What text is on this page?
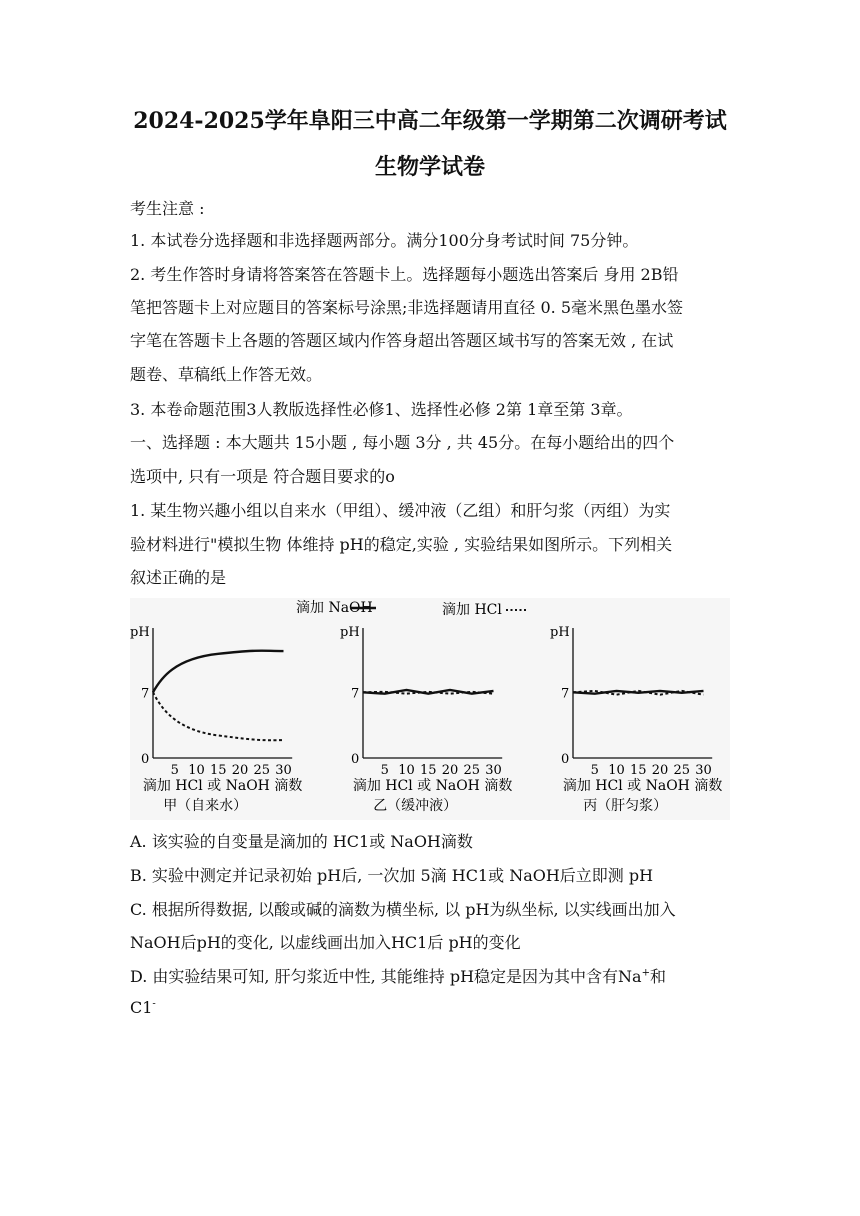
2024-2025学年阜阳三中高二年级第一学期第二次调研考试
生物学试卷
考生注意 :
1. 本试卷分选择题和非选择题两部分。满分100分身考试时间 75分钟。
2. 考生作答时身请将答案答在答题卡上。选择题每小题选出答案后 身用 2B铅
笔把答题卡上对应题目的答案标号涂黑;非选择题请用直径 0. 5毫米黑色墨水签
字笔在答题卡上各题的答题区域内作答身超出答题区域书写的答案无效 , 在试
题卷、草稿纸上作答无效。
3. 本卷命题范围3人教版选择性必修1、选择性必修 2第 1章至第 3章。
一、选择题 : 本大题共 15小题 , 每小题 3分 , 共 45分。在每小题给出的四个
选项中, 只有一项是 符合题目要求的o
1. 某生物兴趣小组以自来水（甲组）、缓冲液（乙组）和肝匀浆（丙组）为实
验材料进行"模拟生物 体维持 pH的稳定,实验 , 实验结果如图所示。下列相关
叙述正确的是
滴加 NaOH	滴加 HCl
pH
0
7
5 10 15 20 25 30
滴加 HCl 或 NaOH 滴数
甲（自来水）
pH
0
7
5 10 15 20 25 30
滴加 HCl 或 NaOH 滴数
乙（缓冲液）
pH
0
7
5 10 15 20 25 30
滴加 HCl 或 NaOH 滴数
丙（肝匀浆）
A. 该实验的自变量是滴加的 HC1或 NaOH滴数
B. 实验中测定并记录初始 pH后, 一次加 5滴 HC1或 NaOH后立即测 pH
C. 根据所得数据, 以酸或碱的滴数为横坐标, 以 pH为纵坐标, 以实线画出加入
NaOH后pH的变化, 以虚线画出加入HC1后 pH的变化
D. 由实验结果可知, 肝匀浆近中性, 其能维持 pH稳定是因为其中含有Na+和
C1-
